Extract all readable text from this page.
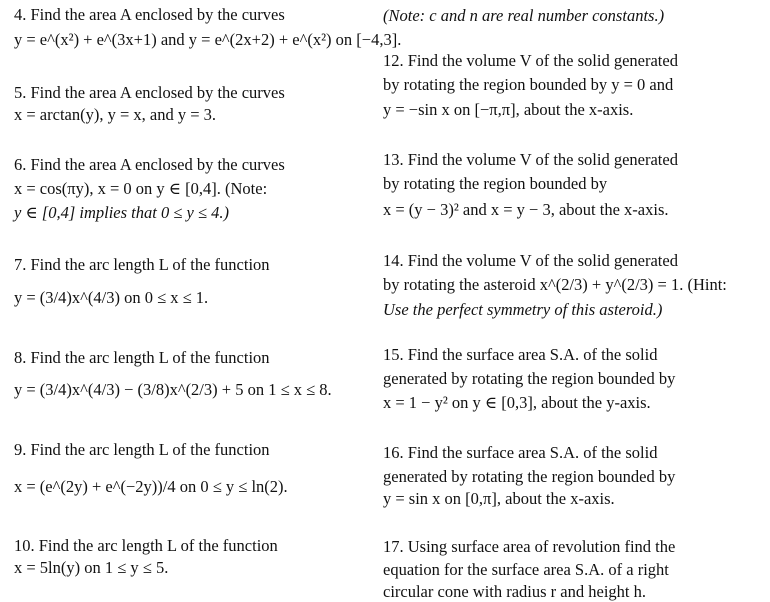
4. Find the area A enclosed by the curves
y = e^(x²) + e^(3x+1) and y = e^(2x+2) + e^(x²) on [−4,3].
5. Find the area A enclosed by the curves
x = arctan(y), y = x, and y = 3.
6. Find the area A enclosed by the curves
x = cos(πy), x = 0 on y ∈ [0,4]. (Note:
y ∈ [0,4] implies that 0 ≤ y ≤ 4.)
7. Find the arc length L of the function
y = (3/4)x^(4/3) on 0 ≤ x ≤ 1.
8. Find the arc length L of the function
y = (3/4)x^(4/3) − (3/8)x^(2/3) + 5 on 1 ≤ x ≤ 8.
9. Find the arc length L of the function
x = (e^(2y) + e^(−2y))/4 on 0 ≤ y ≤ ln(2).
10. Find the arc length L of the function
x = 5ln(y) on 1 ≤ y ≤ 5.
(Note: c and n are real number constants.)
12. Find the volume V of the solid generated
by rotating the region bounded by y = 0 and
y = −sin x on [−π,π], about the x-axis.
13. Find the volume V of the solid generated
by rotating the region bounded by
x = (y − 3)² and x = y − 3, about the x-axis.
14. Find the volume V of the solid generated
by rotating the asteroid x^(2/3) + y^(2/3) = 1. (Hint:
Use the perfect symmetry of this asteroid.)
15. Find the surface area S.A. of the solid
generated by rotating the region bounded by
x = 1 − y² on y ∈ [0,3], about the y-axis.
16. Find the surface area S.A. of the solid
generated by rotating the region bounded by
y = sin x on [0,π], about the x-axis.
17. Using surface area of revolution find the
equation for the surface area S.A. of a right
circular cone with radius r and height h.
